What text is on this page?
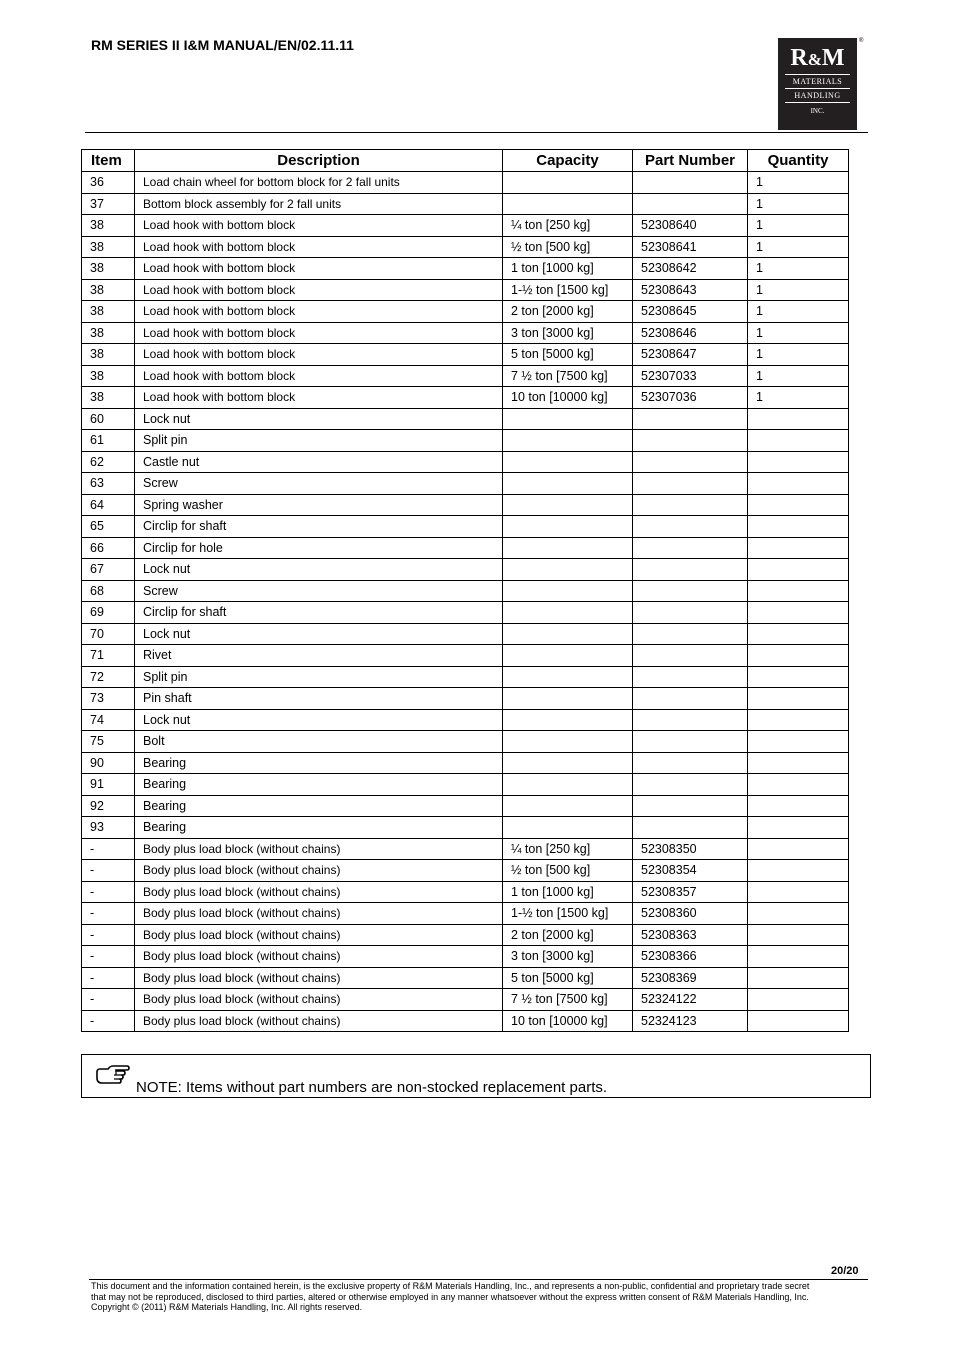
RM SERIES II I&M MANUAL/EN/02.11.11	R&M
MATERIALS
HANDLING
INC.
®
Item	Description	Capacity	Part Number	Quantity
36	Load chain wheel for bottom block for 2 fall units			1
37	Bottom block assembly for 2 fall units			1
38	Load hook with bottom block	¼ ton [250 kg]	52308640	1
38	Load hook with bottom block	½ ton [500 kg]	52308641	1
38	Load hook with bottom block	1 ton [1000 kg]	52308642	1
38	Load hook with bottom block	1-½ ton [1500 kg]	52308643	1
38	Load hook with bottom block	2 ton [2000 kg]	52308645	1
38	Load hook with bottom block	3 ton [3000 kg]	52308646	1
38	Load hook with bottom block	5 ton [5000 kg]	52308647	1
38	Load hook with bottom block	7 ½ ton [7500 kg]	52307033	1
38	Load hook with bottom block	10 ton [10000 kg]	52307036	1
60	Lock nut			
61	Split pin			
62	Castle nut			
63	Screw			
64	Spring washer			
65	Circlip for shaft			
66	Circlip for hole			
67	Lock nut			
68	Screw			
69	Circlip for shaft			
70	Lock nut			
71	Rivet			
72	Split pin			
73	Pin shaft			
74	Lock nut			
75	Bolt			
90	Bearing			
91	Bearing			
92	Bearing			
93	Bearing			
-	Body plus load block (without chains)	¼ ton [250 kg]	52308350	
-	Body plus load block (without chains)	½ ton [500 kg]	52308354	
-	Body plus load block (without chains)	1 ton [1000 kg]	52308357	
-	Body plus load block (without chains)	1-½ ton [1500 kg]	52308360	
-	Body plus load block (without chains)	2 ton [2000 kg]	52308363	
-	Body plus load block (without chains)	3 ton [3000 kg]	52308366	
-	Body plus load block (without chains)	5 ton [5000 kg]	52308369	
-	Body plus load block (without chains)	7 ½ ton [7500 kg]	52324122	
-	Body plus load block (without chains)	10 ton [10000 kg]	52324123	
NOTE: Items without part numbers are non-stocked replacement parts.
20/20
This document and the information contained herein, is the exclusive property of R&M Materials Handling, Inc., and represents a non-public, confidential and proprietary trade secret
that may not be reproduced, disclosed to third parties, altered or otherwise employed in any manner whatsoever without the express written consent of R&M Materials Handling, Inc.
Copyright © (2011) R&M Materials Handling, Inc. All rights reserved.
